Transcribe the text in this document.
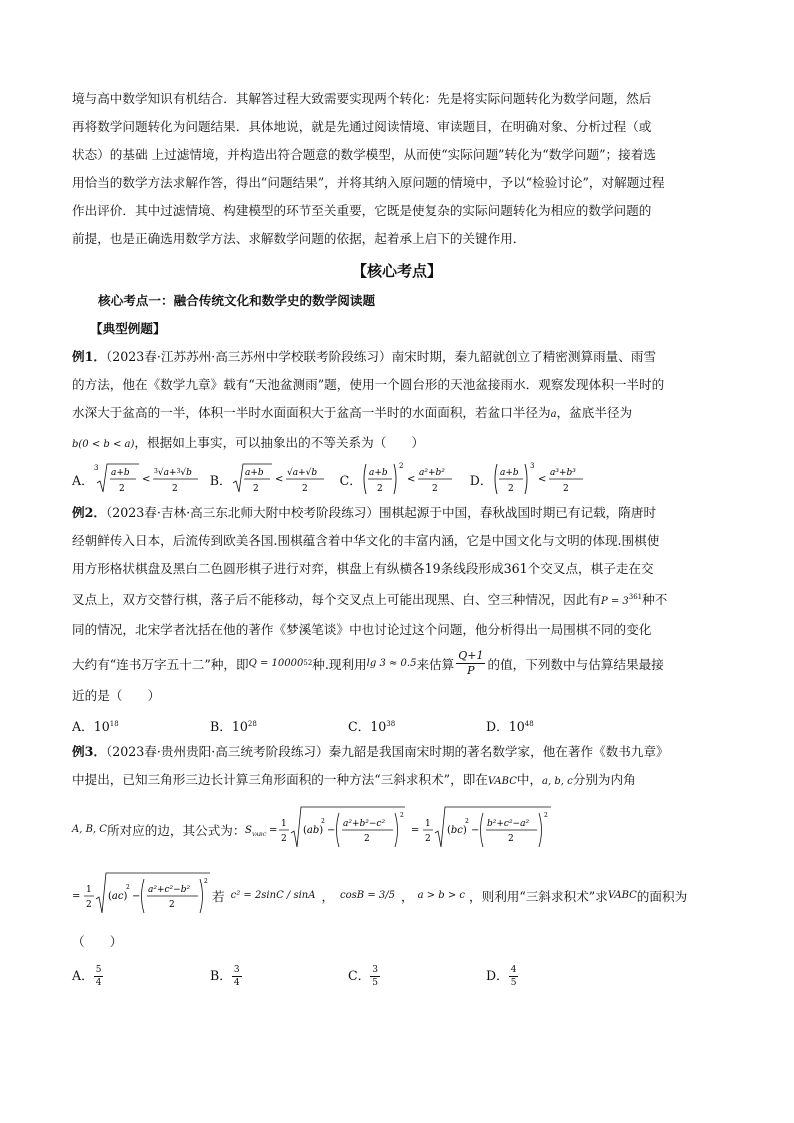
境与高中数学知识有机结合．其解答过程大致需要实现两个转化：先是将实际问题转化为数学问题，然后

再将数学问题转化为问题结果．具体地说，就是先通过阅读情境、审读题目，在明确对象、分析过程（或

状态）的基础 上过滤情境，并构造出符合题意的数学模型，从而使“实际问题”转化为“数学问题”；接着选

用恰当的数学方法求解作答，得出“问题结果”，并将其纳入原问题的情境中，予以“检验讨论”，对解题过程

作出评价．其中过滤情境、构建模型的环节至关重要，它既是使复杂的实际问题转化为相应的数学问题的

前提，也是正确选用数学方法、求解数学问题的依据，起着承上启下的关键作用．

【核心考点】

核心考点一：融合传统文化和数学史的数学阅读题

【典型例题】

例1．（2023春·江苏苏州·高三苏州中学校联考阶段练习）南宋时期，秦九韶就创立了精密测算雨量、雨雪

的方法，他在《数学九章》载有“天池盆测雨”题，使用一个圆台形的天池盆接雨水．观察发现体积一半时的

水深大于盆高的一半，体积一半时水面面积大于盆高一半时的水面面积，若盆口半径为a，盆底半径为

b(0 < b < a)，根据如上事实，可以抽象出的不等关系为（　　）

A．
3 a+b
2
<
$^3$√a+$^3$√b
2
B． a+b
2
<
√a+√b
2
C． a+b
2
2
<
a²+b²
2
D． a+b
2
3
<
a³+b³
2

例2．（2023春·吉林·高三东北师大附中校考阶段练习）围棋起源于中国，春秋战国时期已有记载，隋唐时

经朝鲜传入日本，后流传到欧美各国.围棋蕴含着中华文化的丰富内涵，它是中国文化与文明的体现.围棋使

用方形格状棋盘及黑白二色圆形棋子进行对弈，棋盘上有纵横各19条线段形成361个交叉点，棋子走在交

叉点上，双方交替行棋，落子后不能移动，每个交叉点上可能出现黑、白、空三种情况，因此有$P = 3^{361}$种不

同的情况，北宋学者沈括在他的著作《梦溪笔谈》中也讨论过这个问题，他分析得出一局围棋不同的变化

大约有“连书万字五十二”种，即 Q = 10000 52 种.现利用 lg 3 ≈ 0.5 来估算 $\frac{Q+1}{P}$ 的值，下列数中与估算结果最接

近的是（　　）

A．$10^{18}$	B．$10^{28}$	C．$10^{38}$	D．$10^{48}$

例3．（2023春·贵州贵阳·高三统考阶段练习）秦九韶是我国南宋时期的著名数学家，他在著作《数书九章》

中提出，已知三角形三边长计算三角形面积的一种方法“三斜求积术”，即在VABC中，a, b, c分别为内角

A, B, C 所对应的边，其公式为： S VABC =
1
2
(ab)
2
−
a²+b²−c²
2
2
=
1
2
(bc)
2
−
b²+c²−a²
2
2
=
1
2
(ac)
2
−
a²+c²−b²
2
2
若 c² = 2sinC / sinA ， cosB = 3/5 ， a > b > c ，则利用“三斜求积术”求 VABC 的面积为

（　　）

A． $\frac{5}{4}$	B． $\frac{3}{4}$	C． $\frac{3}{5}$	D． $\frac{4}{5}$
